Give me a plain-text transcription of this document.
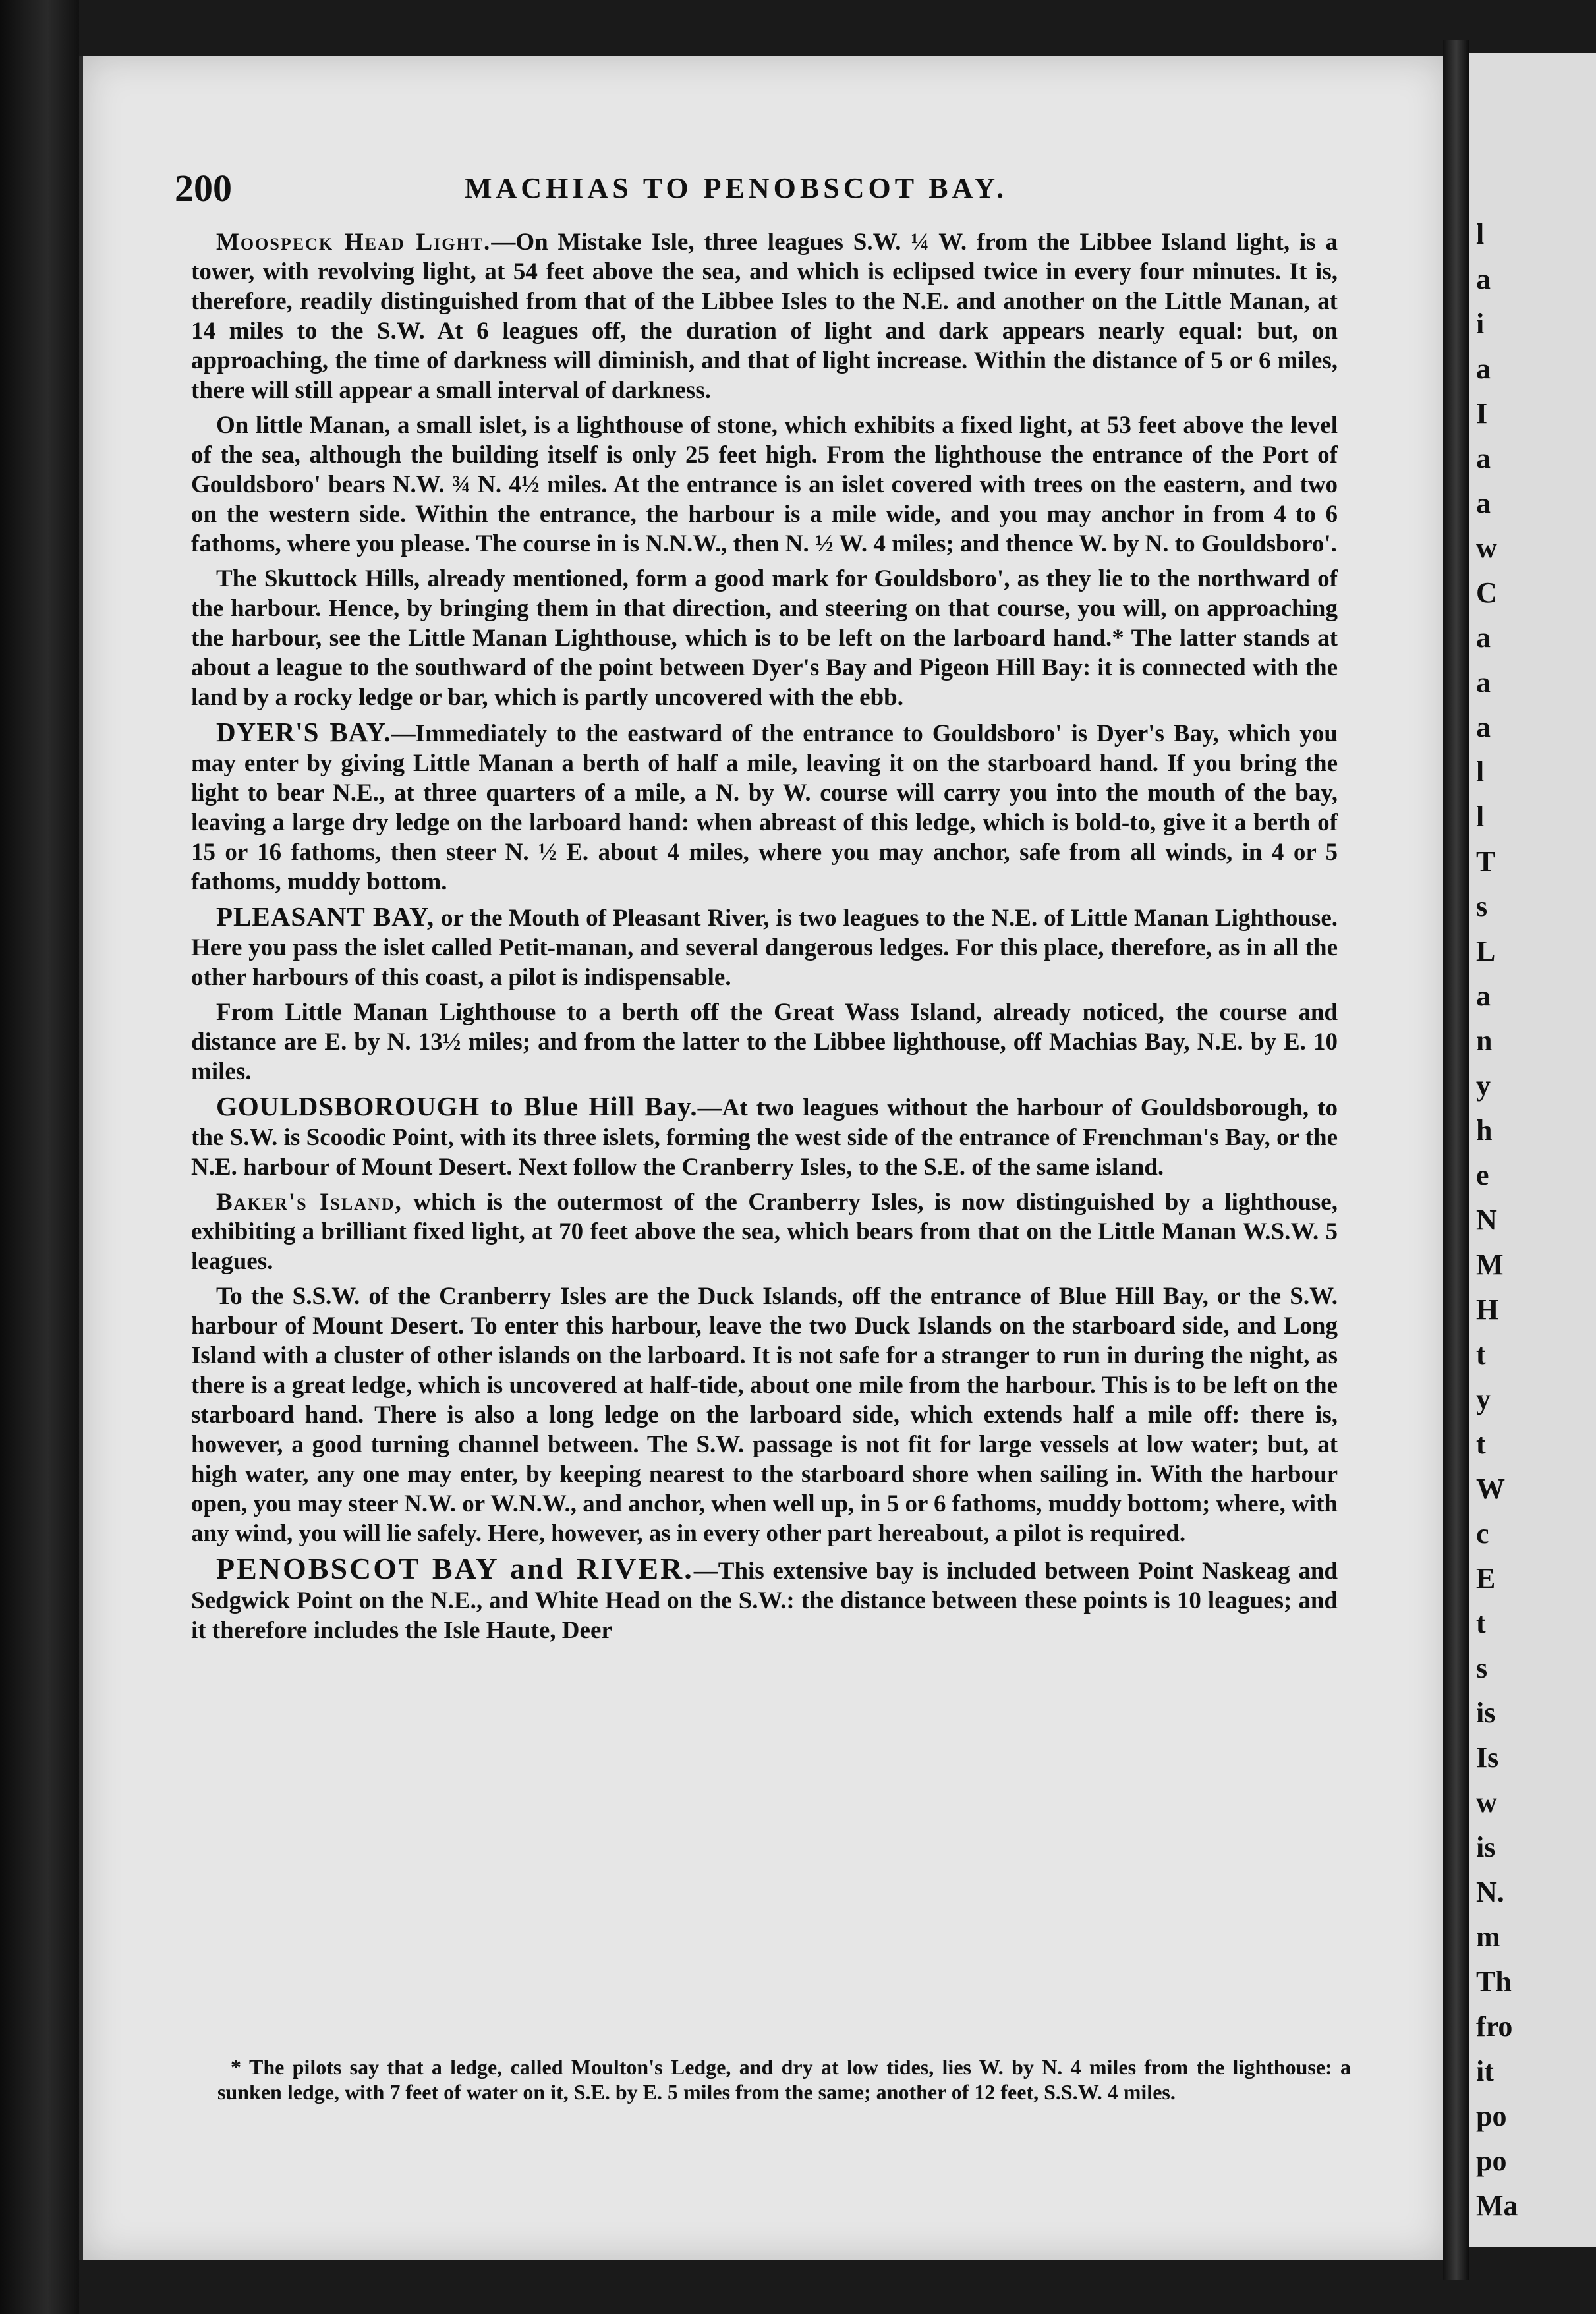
l
a
i
a
I
a
a
w
C
a
a
a
l
l
T
s
L
a
n
y
h
e
N
M
H
t
y
t
W
c
E
t
s
is
Is
w
is
N.
m
Th
fro
it
po
po
Ma
200	MACHIAS TO PENOBSCOT BAY.

Moospeck Head Light.—On Mistake Isle, three leagues S.W. ¼ W. from the Libbee Island light, is a tower, with revolving light, at 54 feet above the sea, and which is eclipsed twice in every four minutes. It is, therefore, readily distinguished from that of the Libbee Isles to the N.E. and another on the Little Manan, at 14 miles to the S.W. At 6 leagues off, the duration of light and dark appears nearly equal: but, on approaching, the time of darkness will diminish, and that of light increase. Within the distance of 5 or 6 miles, there will still appear a small interval of darkness.

On little Manan, a small islet, is a lighthouse of stone, which exhibits a fixed light, at 53 feet above the level of the sea, although the building itself is only 25 feet high. From the lighthouse the entrance of the Port of Gouldsboro' bears N.W. ¾ N. 4½ miles. At the entrance is an islet covered with trees on the eastern, and two on the western side. Within the entrance, the harbour is a mile wide, and you may anchor in from 4 to 6 fathoms, where you please. The course in is N.N.W., then N. ½ W. 4 miles; and thence W. by N. to Gouldsboro'.

The Skuttock Hills, already mentioned, form a good mark for Gouldsboro', as they lie to the northward of the harbour. Hence, by bringing them in that direction, and steering on that course, you will, on approaching the harbour, see the Little Manan Lighthouse, which is to be left on the larboard hand.* The latter stands at about a league to the southward of the point between Dyer's Bay and Pigeon Hill Bay: it is connected with the land by a rocky ledge or bar, which is partly uncovered with the ebb.

DYER'S BAY.—Immediately to the eastward of the entrance to Gouldsboro' is Dyer's Bay, which you may enter by giving Little Manan a berth of half a mile, leaving it on the starboard hand. If you bring the light to bear N.E., at three quarters of a mile, a N. by W. course will carry you into the mouth of the bay, leaving a large dry ledge on the larboard hand: when abreast of this ledge, which is bold-to, give it a berth of 15 or 16 fathoms, then steer N. ½ E. about 4 miles, where you may anchor, safe from all winds, in 4 or 5 fathoms, muddy bottom.

PLEASANT BAY, or the Mouth of Pleasant River, is two leagues to the N.E. of Little Manan Lighthouse. Here you pass the islet called Petit-manan, and several dangerous ledges. For this place, therefore, as in all the other harbours of this coast, a pilot is indispensable.

From Little Manan Lighthouse to a berth off the Great Wass Island, already noticed, the course and distance are E. by N. 13½ miles; and from the latter to the Libbee lighthouse, off Machias Bay, N.E. by E. 10 miles.

GOULDSBOROUGH to Blue Hill Bay.—At two leagues without the harbour of Gouldsborough, to the S.W. is Scoodic Point, with its three islets, forming the west side of the entrance of Frenchman's Bay, or the N.E. harbour of Mount Desert. Next follow the Cranberry Isles, to the S.E. of the same island.

Baker's Island, which is the outermost of the Cranberry Isles, is now distinguished by a lighthouse, exhibiting a brilliant fixed light, at 70 feet above the sea, which bears from that on the Little Manan W.S.W. 5 leagues.

To the S.S.W. of the Cranberry Isles are the Duck Islands, off the entrance of Blue Hill Bay, or the S.W. harbour of Mount Desert. To enter this harbour, leave the two Duck Islands on the starboard side, and Long Island with a cluster of other islands on the larboard. It is not safe for a stranger to run in during the night, as there is a great ledge, which is uncovered at half-tide, about one mile from the harbour. This is to be left on the starboard hand. There is also a long ledge on the larboard side, which extends half a mile off: there is, however, a good turning channel between. The S.W. passage is not fit for large vessels at low water; but, at high water, any one may enter, by keeping nearest to the starboard shore when sailing in. With the harbour open, you may steer N.W. or W.N.W., and anchor, when well up, in 5 or 6 fathoms, muddy bottom; where, with any wind, you will lie safely. Here, however, as in every other part hereabout, a pilot is required.

PENOBSCOT BAY and RIVER.—This extensive bay is included between Point Naskeag and Sedgwick Point on the N.E., and White Head on the S.W.: the distance between these points is 10 leagues; and it therefore includes the Isle Haute, Deer

* The pilots say that a ledge, called Moulton's Ledge, and dry at low tides, lies W. by N. 4 miles from the lighthouse: a sunken ledge, with 7 feet of water on it, S.E. by E. 5 miles from the same; another of 12 feet, S.S.W. 4 miles.
